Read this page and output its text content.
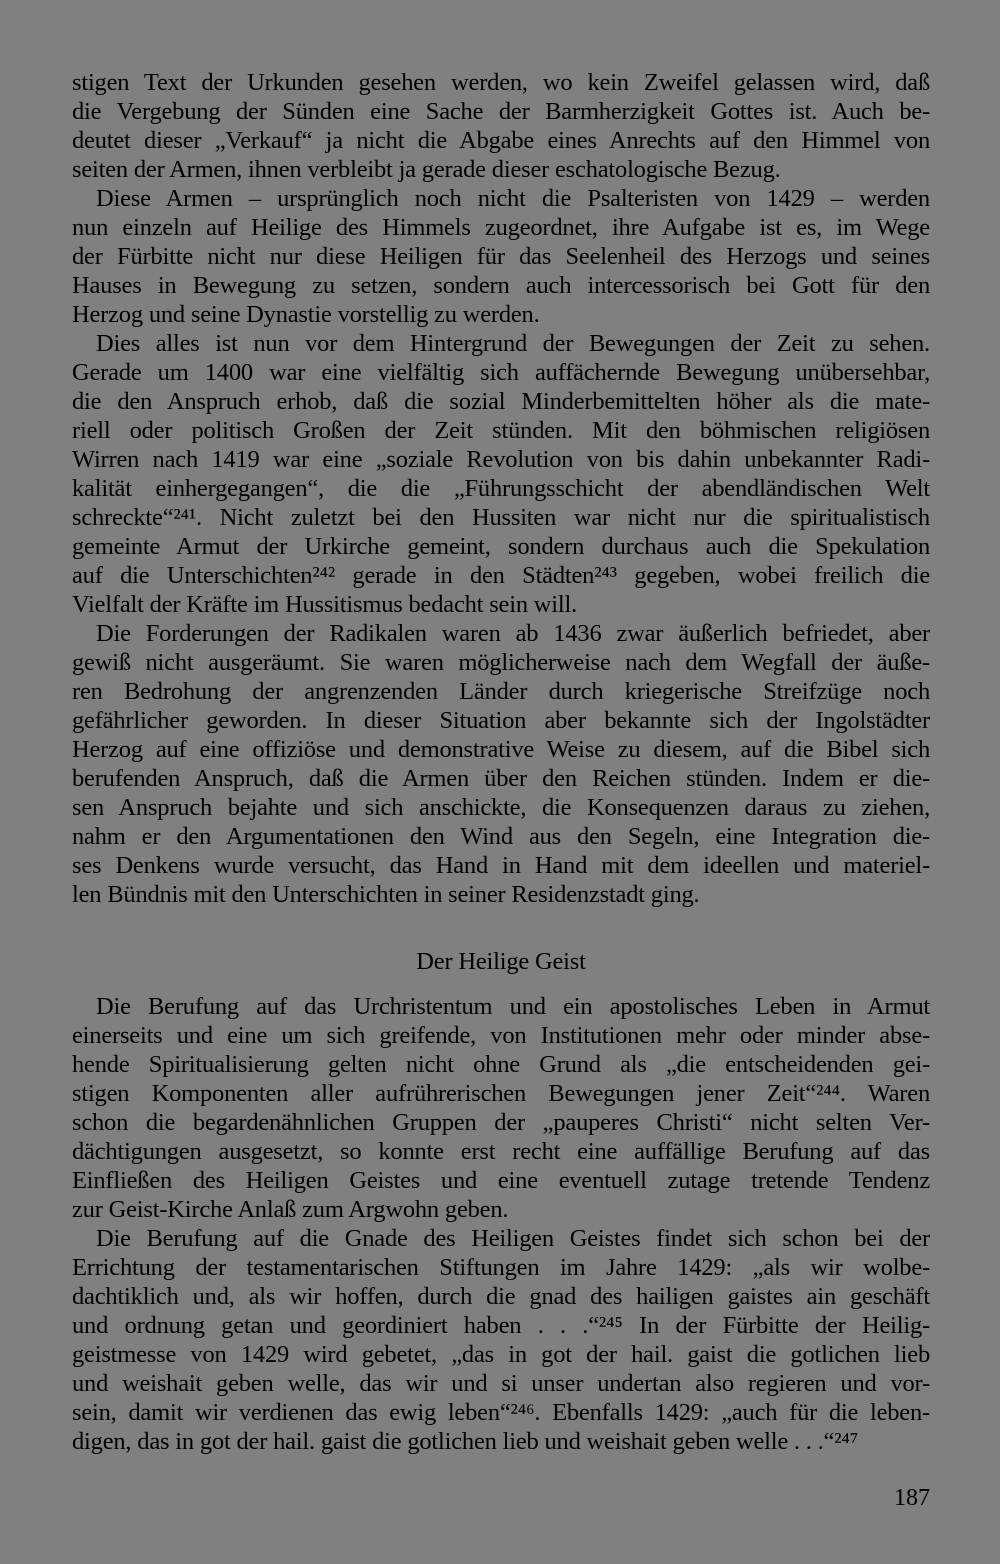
stigen Text der Urkunden gesehen werden, wo kein Zweifel gelassen wird, daß
die Vergebung der Sünden eine Sache der Barmherzigkeit Gottes ist. Auch be-
deutet dieser „Verkauf“ ja nicht die Abgabe eines Anrechts auf den Himmel von
seiten der Armen, ihnen verbleibt ja gerade dieser eschatologische Bezug.
Diese Armen – ursprünglich noch nicht die Psalteristen von 1429 – werden
nun einzeln auf Heilige des Himmels zugeordnet, ihre Aufgabe ist es, im Wege
der Fürbitte nicht nur diese Heiligen für das Seelenheil des Herzogs und seines
Hauses in Bewegung zu setzen, sondern auch intercessorisch bei Gott für den
Herzog und seine Dynastie vorstellig zu werden.
Dies alles ist nun vor dem Hintergrund der Bewegungen der Zeit zu sehen.
Gerade um 1400 war eine vielfältig sich auffächernde Bewegung unübersehbar,
die den Anspruch erhob, daß die sozial Minderbemittelten höher als die mate-
riell oder politisch Großen der Zeit stünden. Mit den böhmischen religiösen
Wirren nach 1419 war eine „soziale Revolution von bis dahin unbekannter Radi-
kalität einhergegangen“, die die „Führungsschicht der abendländischen Welt
schreckte“²⁴¹. Nicht zuletzt bei den Hussiten war nicht nur die spiritualistisch
gemeinte Armut der Urkirche gemeint, sondern durchaus auch die Spekulation
auf die Unterschichten²⁴² gerade in den Städten²⁴³ gegeben, wobei freilich die
Vielfalt der Kräfte im Hussitismus bedacht sein will.
Die Forderungen der Radikalen waren ab 1436 zwar äußerlich befriedet, aber
gewiß nicht ausgeräumt. Sie waren möglicherweise nach dem Wegfall der äuße-
ren Bedrohung der angrenzenden Länder durch kriegerische Streifzüge noch
gefährlicher geworden. In dieser Situation aber bekannte sich der Ingolstädter
Herzog auf eine offiziöse und demonstrative Weise zu diesem, auf die Bibel sich
berufenden Anspruch, daß die Armen über den Reichen stünden. Indem er die-
sen Anspruch bejahte und sich anschickte, die Konsequenzen daraus zu ziehen,
nahm er den Argumentationen den Wind aus den Segeln, eine Integration die-
ses Denkens wurde versucht, das Hand in Hand mit dem ideellen und materiel-
len Bündnis mit den Unterschichten in seiner Residenzstadt ging.
Der Heilige Geist
Die Berufung auf das Urchristentum und ein apostolisches Leben in Armut
einerseits und eine um sich greifende, von Institutionen mehr oder minder abse-
hende Spiritualisierung gelten nicht ohne Grund als „die entscheidenden gei-
stigen Komponenten aller aufrührerischen Bewegungen jener Zeit“²⁴⁴. Waren
schon die begardenähnlichen Gruppen der „pauperes Christi“ nicht selten Ver-
dächtigungen ausgesetzt, so konnte erst recht eine auffällige Berufung auf das
Einfließen des Heiligen Geistes und eine eventuell zutage tretende Tendenz
zur Geist-Kirche Anlaß zum Argwohn geben.
Die Berufung auf die Gnade des Heiligen Geistes findet sich schon bei der
Errichtung der testamentarischen Stiftungen im Jahre 1429: „als wir wolbe-
dachtiklich und, als wir hoffen, durch die gnad des hailigen gaistes ain geschäft
und ordnung getan und geordiniert haben . . .“²⁴⁵ In der Fürbitte der Heilig-
geistmesse von 1429 wird gebetet, „das in got der hail. gaist die gotlichen lieb
und weishait geben welle, das wir und si unser undertan also regieren und vor-
sein, damit wir verdienen das ewig leben“²⁴⁶. Ebenfalls 1429: „auch für die leben-
digen, das in got der hail. gaist die gotlichen lieb und weishait geben welle . . .“²⁴⁷
187
